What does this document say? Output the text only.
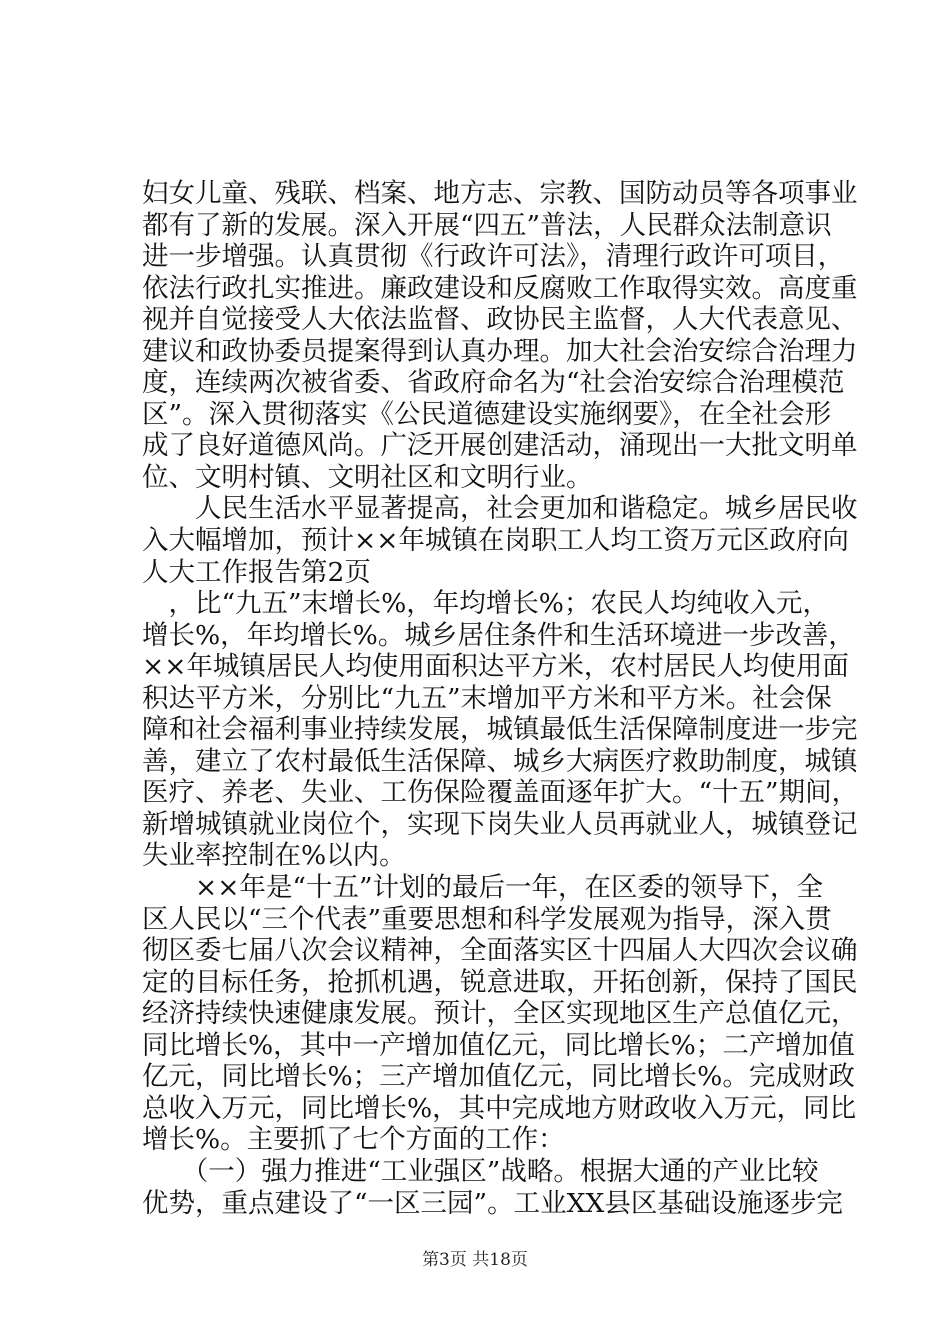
妇女儿童、残联、档案、地方志、宗教、国防动员等各项事业
都有了新的发展。深入开展“四五”普法，人民群众法制意识
进一步增强。认真贯彻《行政许可法》，清理行政许可项目，
依法行政扎实推进。廉政建设和反腐败工作取得实效。高度重
视并自觉接受人大依法监督、政协民主监督，人大代表意见、
建议和政协委员提案得到认真办理。加大社会治安综合治理力
度，连续两次被省委、省政府命名为“社会治安综合治理模范
区”。深入贯彻落实《公民道德建设实施纲要》，在全社会形
成了良好道德风尚。广泛开展创建活动，涌现出一大批文明单
位、文明村镇、文明社区和文明行业。
　　人民生活水平显著提高，社会更加和谐稳定。城乡居民收
入大幅增加，预计××年城镇在岗职工人均工资万元区政府向
人大工作报告第2页
　，比“九五”末增长%，年均增长%；农民人均纯收入元，
增长%，年均增长%。城乡居住条件和生活环境进一步改善，
××年城镇居民人均使用面积达平方米，农村居民人均使用面
积达平方米，分别比“九五”末增加平方米和平方米。社会保
障和社会福利事业持续发展，城镇最低生活保障制度进一步完
善，建立了农村最低生活保障、城乡大病医疗救助制度，城镇
医疗、养老、失业、工伤保险覆盖面逐年扩大。“十五”期间，
新增城镇就业岗位个，实现下岗失业人员再就业人，城镇登记
失业率控制在%以内。
　　××年是“十五”计划的最后一年，在区委的领导下，全
区人民以“三个代表”重要思想和科学发展观为指导，深入贯
彻区委七届八次会议精神，全面落实区十四届人大四次会议确
定的目标任务，抢抓机遇，锐意进取，开拓创新，保持了国民
经济持续快速健康发展。预计，全区实现地区生产总值亿元，
同比增长%，其中一产增加值亿元，同比增长%；二产增加值
亿元，同比增长%；三产增加值亿元，同比增长%。完成财政
总收入万元，同比增长%，其中完成地方财政收入万元，同比
增长%。主要抓了七个方面的工作：
　　（一）强力推进“工业强区”战略。根据大通的产业比较
优势，重点建设了“一区三园”。工业XX县区基础设施逐步完
第3页 共18页
